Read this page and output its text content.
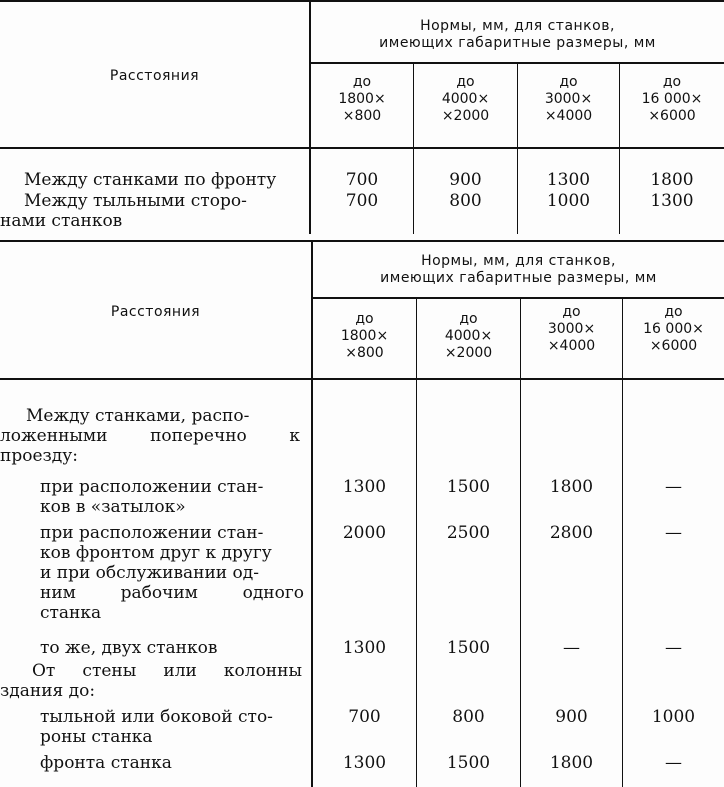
Расстояния
Нормы, мм, для станков,
имеющих габаритные размеры, мм
до
1800×
×800
до
4000×
×2000
до
3000×
×4000
до
16 000×
×6000
Между станками по фронту	700	900	1300	1800
Между тыльными сторо-
нами станков
700	800	1000	1300
Расстояния
Нормы, мм, для станков,
имеющих габаритные размеры, мм
до
1800×
×800
до
4000×
×2000
до
3000×
×4000
до
16 000×
×6000
Между станками, распо-
ложенными	поперечно	к
проезду:
при расположении стан-
ков в «затылок»
1300	1500	1800	—
при расположении стан-
ков фронтом друг к другу
и при обслуживании од-
ним	рабочим	одного
станка
2000	2500	2800	—
то же, двух станков	1300	1500	—	—
От стены или колонны
здания до:
тыльной или боковой сто-
роны станка
700	800	900	1000
фронта станка	1300	1500	1800	—
